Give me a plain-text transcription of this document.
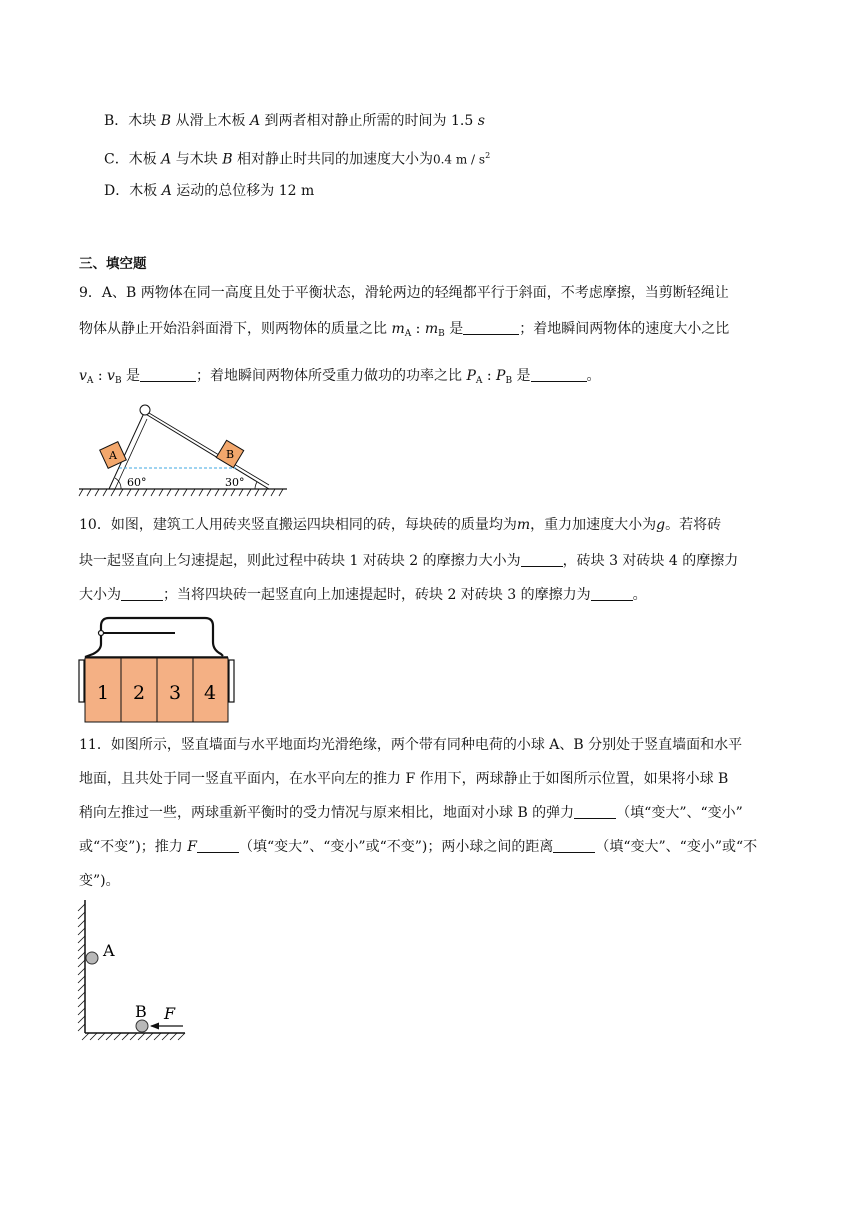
B．木块 B 从滑上木板 A 到两者相对静止所需的时间为 1.5 s
C．木板 A 与木块 B 相对静止时共同的加速度大小为0.4 m / $s^2$
D．木板 A 运动的总位移为 12 m
三、填空题
9．A、B 两物体在同一高度且处于平衡状态，滑轮两边的轻绳都平行于斜面，不考虑摩擦，当剪断轻绳让
物体从静止开始沿斜面滑下，则两物体的质量之比 $m_A$ : $m_B$ 是	；着地瞬间两物体的速度大小之比
$v_A$ : $v_B$ 是	；着地瞬间两物体所受重力做功的功率之比 $P_A$ : $P_B$ 是	。
A	B
60°	30°
10．如图，建筑工人用砖夹竖直搬运四块相同的砖，每块砖的质量均为m，重力加速度大小为g。若将砖
块一起竖直向上匀速提起，则此过程中砖块 1 对砖块 2 的摩擦力大小为	，砖块 3 对砖块 4 的摩擦力
大小为	；当将四块砖一起竖直向上加速提起时，砖块 2 对砖块 3 的摩擦力为	。
1 2 3 4
11．如图所示，竖直墙面与水平地面均光滑绝缘，两个带有同种电荷的小球 A、B 分别处于竖直墙面和水平
地面，且共处于同一竖直平面内，在水平向左的推力 F 作用下，两球静止于如图所示位置，如果将小球 B
稍向左推过一些，两球重新平衡时的受力情况与原来相比，地面对小球 B 的弹力	（填“变大”、“变小”
或“不变”)；推力 F	（填“变大”、“变小”或“不变”)；两小球之间的距离	（填“变大”、“变小”或“不
变”)。
A
B F
